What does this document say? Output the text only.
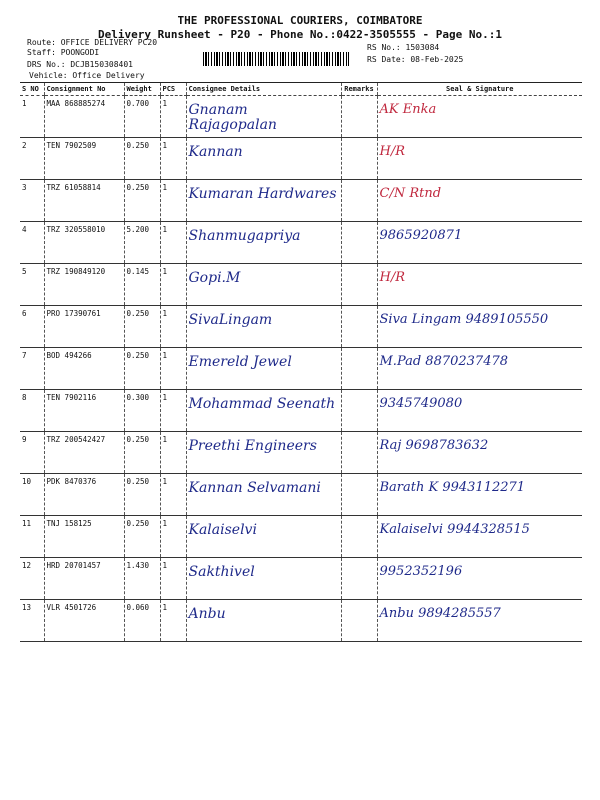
THE PROFESSIONAL COURIERS, COIMBATORE
Delivery Runsheet - P20 - Phone No.:0422-3505555 - Page No.:1
Route: OFFICE DELIVERY PC20
Staff: POONGODI
DRS No.: DCJB150308401
Vehicle: Office Delivery
RS No.: 1503084
RS Date: 08-Feb-2025
S NO	Consignment No	Weight	PCS	Consignee Details	Remarks	Seal & Signature
1	MAA 868885274	0.700	1	Gnanam Rajagopalan		AK Enka

2	TEN 7902509	0.250	1	Kannan		H/R

3	TRZ 61058814	0.250	1	Kumaran Hardwares		C/N Rtnd

4	TRZ 320558010	5.200	1	Shanmugapriya		9865920871

5	TRZ 190849120	0.145	1	Gopi.M		H/R

6	PRO 17390761	0.250	1	SivaLingam		Siva Lingam 9489105550

7	BOD 494266	0.250	1	Emereld Jewel		M.Pad 8870237478

8	TEN 7902116	0.300	1	Mohammad Seenath		9345749080

9	TRZ 200542427	0.250	1	Preethi Engineers		Raj 9698783632

10	PDK 8470376	0.250	1	Kannan Selvamani		Barath K 9943112271

11	TNJ 158125	0.250	1	Kalaiselvi		Kalaiselvi 9944328515

12	HRD 20701457	1.430	1	Sakthivel		9952352196

13	VLR 4501726	0.060	1	Anbu		Anbu 9894285557
